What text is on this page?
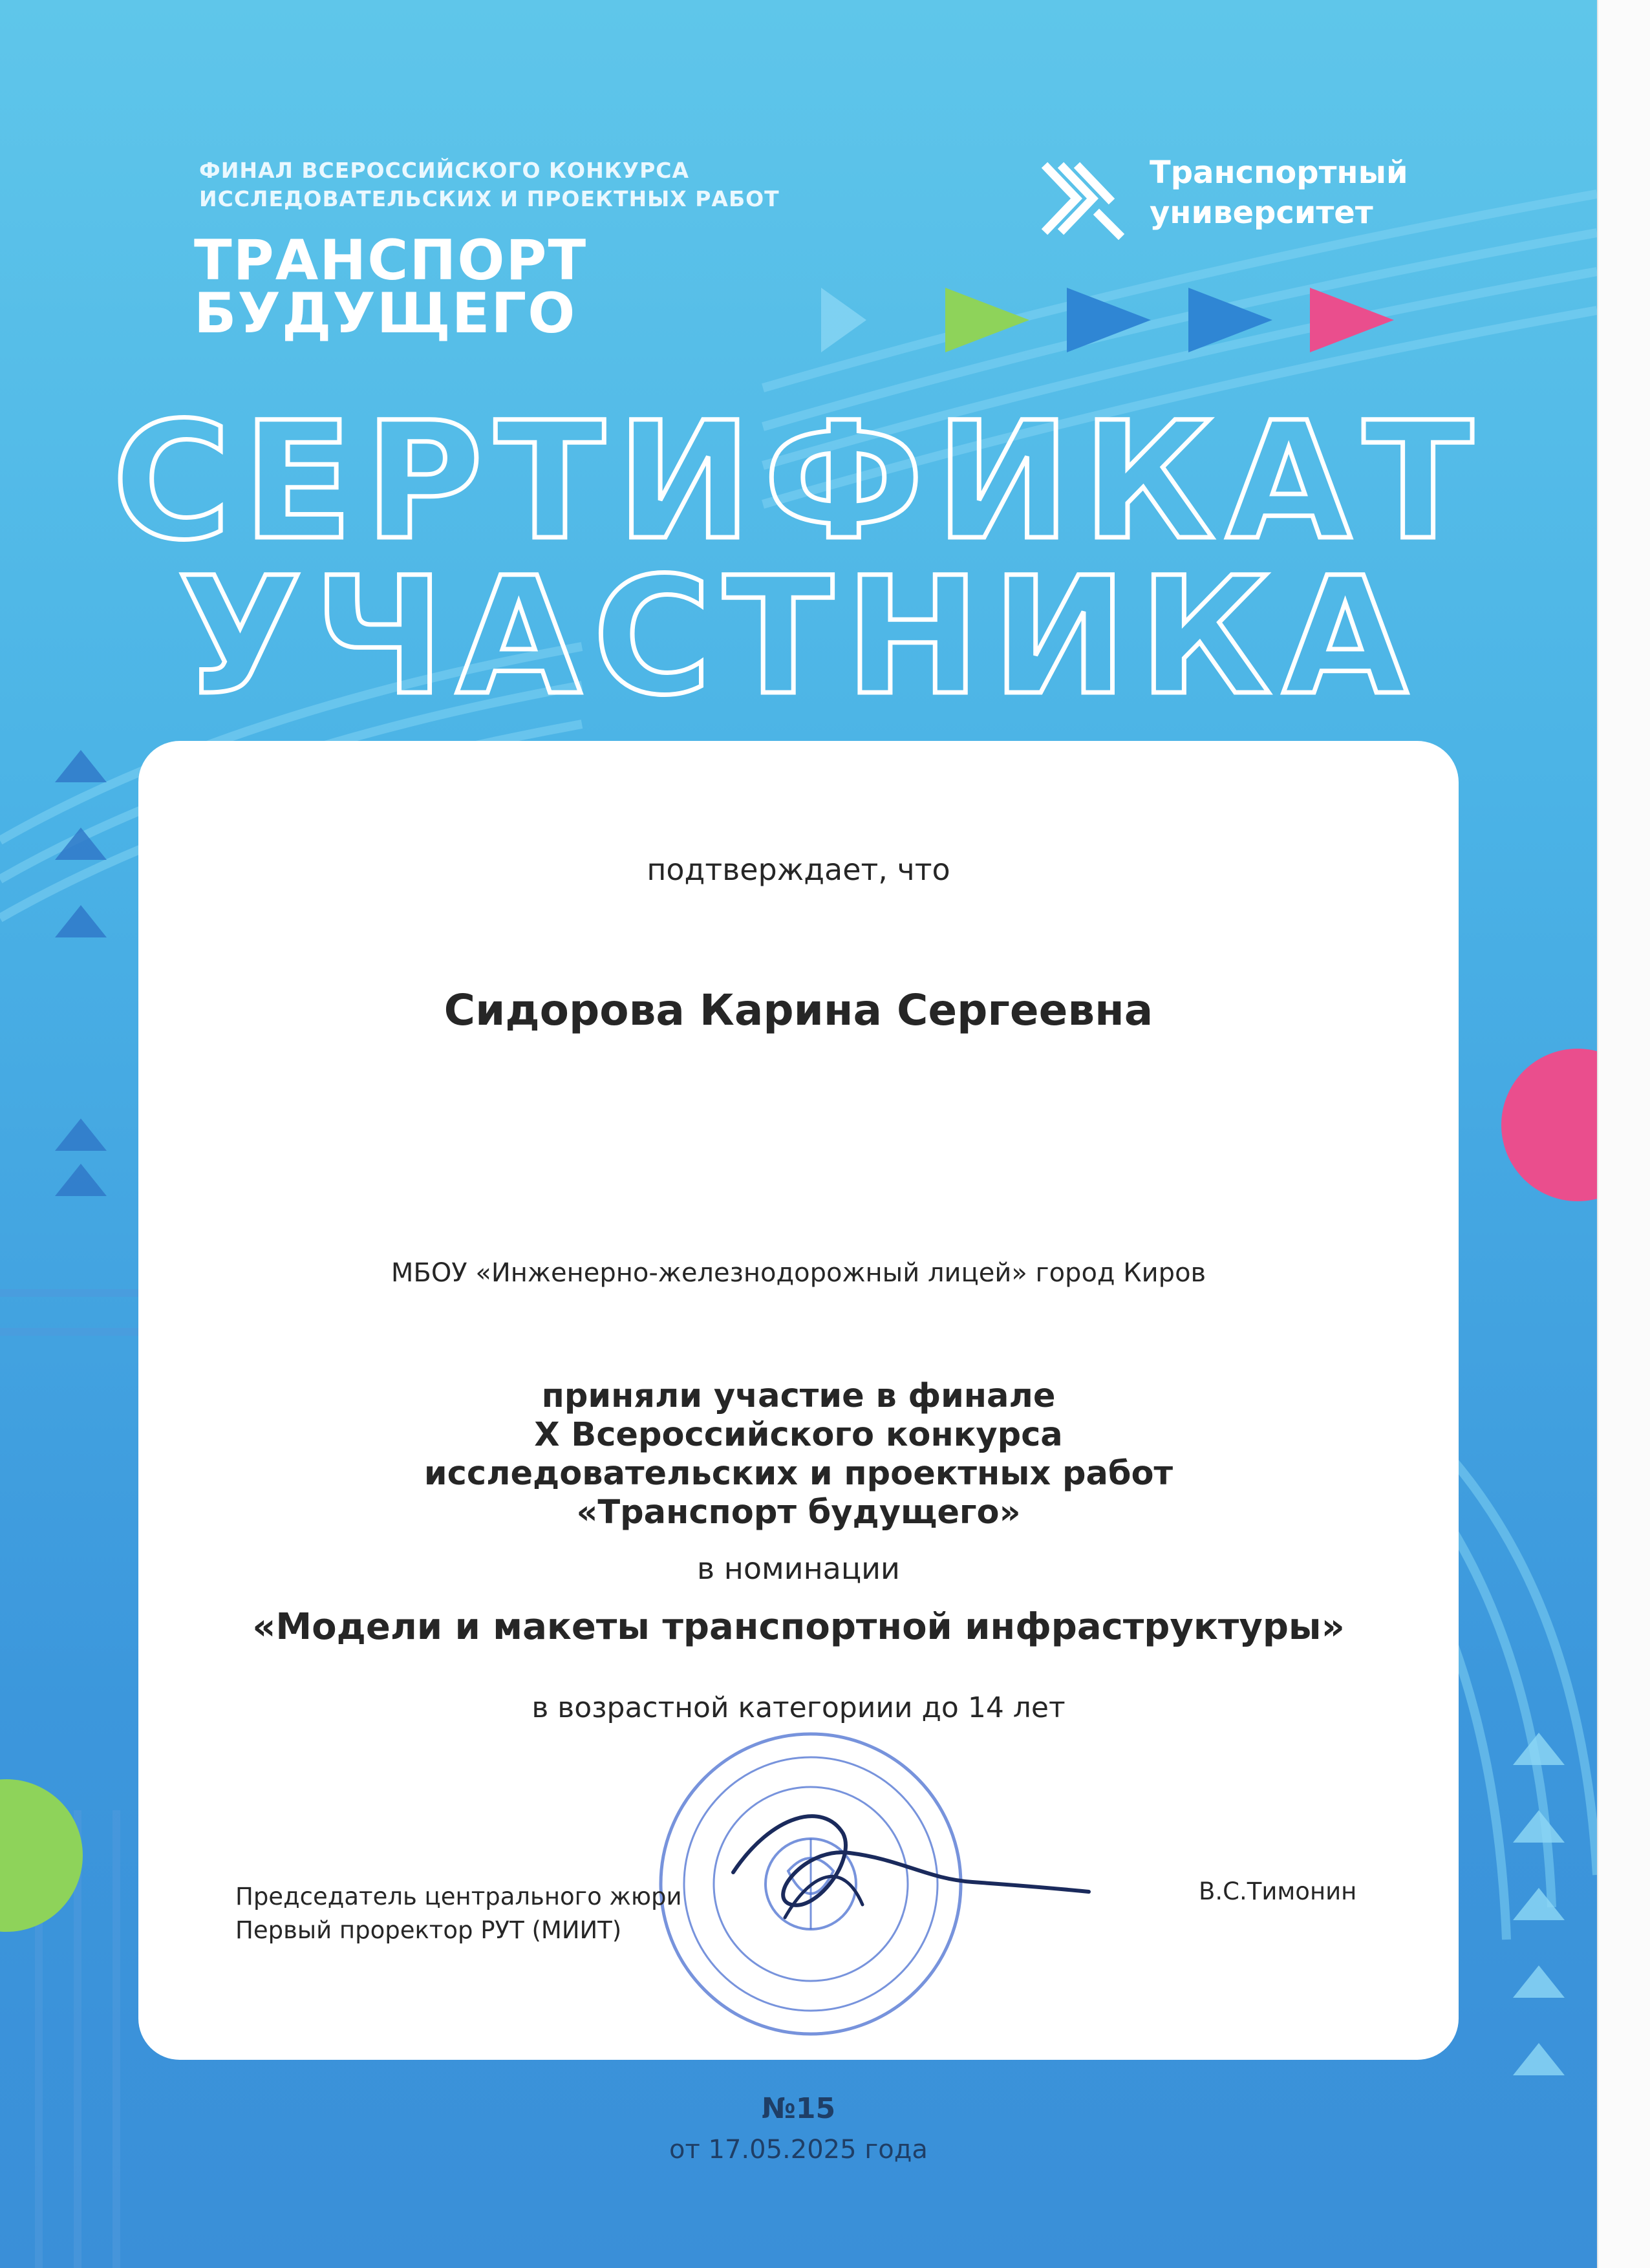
ФИНАЛ ВСЕРОССИЙСКОГО КОНКУРСА
ИССЛЕДОВАТЕЛЬСКИХ И ПРОЕКТНЫХ РАБОТ
ТРАНСПОРТ
БУДУЩЕГО
Транспортный
университет
СЕРТИФИКАТ
УЧАСТНИКА
подтверждает, что
Сидорова Карина Сергеевна
МБОУ «Инженерно-железнодорожный лицей» город Киров
приняли участие в финале
X Всероссийского конкурса
исследовательских и проектных работ
«Транспорт будущего»
в номинации
«Модели и макеты транспортной инфраструктуры»
в возрастной категориии до 14 лет
Председатель центрального жюри
Первый проректор РУТ (МИИТ)
В.С.Тимонин
№15
от 17.05.2025 года
